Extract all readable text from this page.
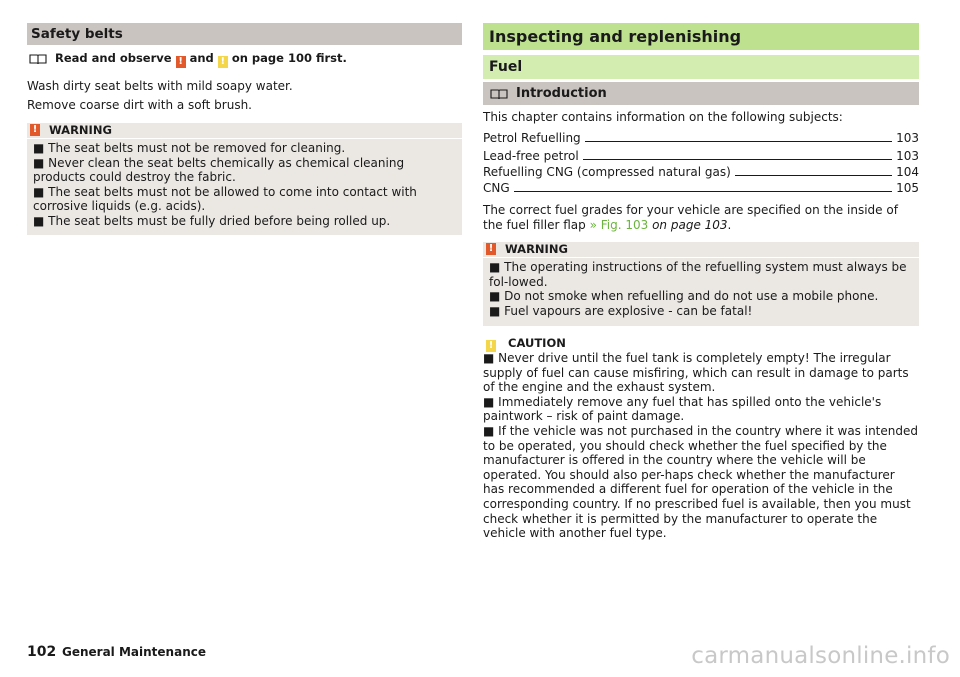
Safety belts
Read and observe ! and ! on page 100 first.
Wash dirty seat belts with mild soapy water.
Remove coarse dirt with a soft brush.
! WARNING
■ The seat belts must not be removed for cleaning.
■ Never clean the seat belts chemically as chemical cleaning products could destroy the fabric.
■ The seat belts must not be allowed to come into contact with corrosive liquids (e.g. acids).
■ The seat belts must be fully dried before being rolled up.
Inspecting and replenishing
Fuel
Introduction
This chapter contains information on the following subjects:
Petrol Refuelling	103
Lead-free petrol	103
Refuelling CNG (compressed natural gas)	104
CNG	105
The correct fuel grades for your vehicle are specified on the inside of the fuel filler flap » Fig. 103 on page 103.
! WARNING
■ The operating instructions of the refuelling system must always be fol-lowed.
■ Do not smoke when refuelling and do not use a mobile phone.
■ Fuel vapours are explosive - can be fatal!
! CAUTION
■ Never drive until the fuel tank is completely empty! The irregular supply of fuel can cause misfiring, which can result in damage to parts of the engine and the exhaust system.
■ Immediately remove any fuel that has spilled onto the vehicle's paintwork – risk of paint damage.
■ If the vehicle was not purchased in the country where it was intended to be operated, you should check whether the fuel specified by the manufacturer is offered in the country where the vehicle will be operated. You should also per-haps check whether the manufacturer has recommended a different fuel for operation of the vehicle in the corresponding country. If no prescribed fuel is available, then you must check whether it is permitted by the manufacturer to operate the vehicle with another fuel type.
102 General Maintenance	carmanualsonline.info
